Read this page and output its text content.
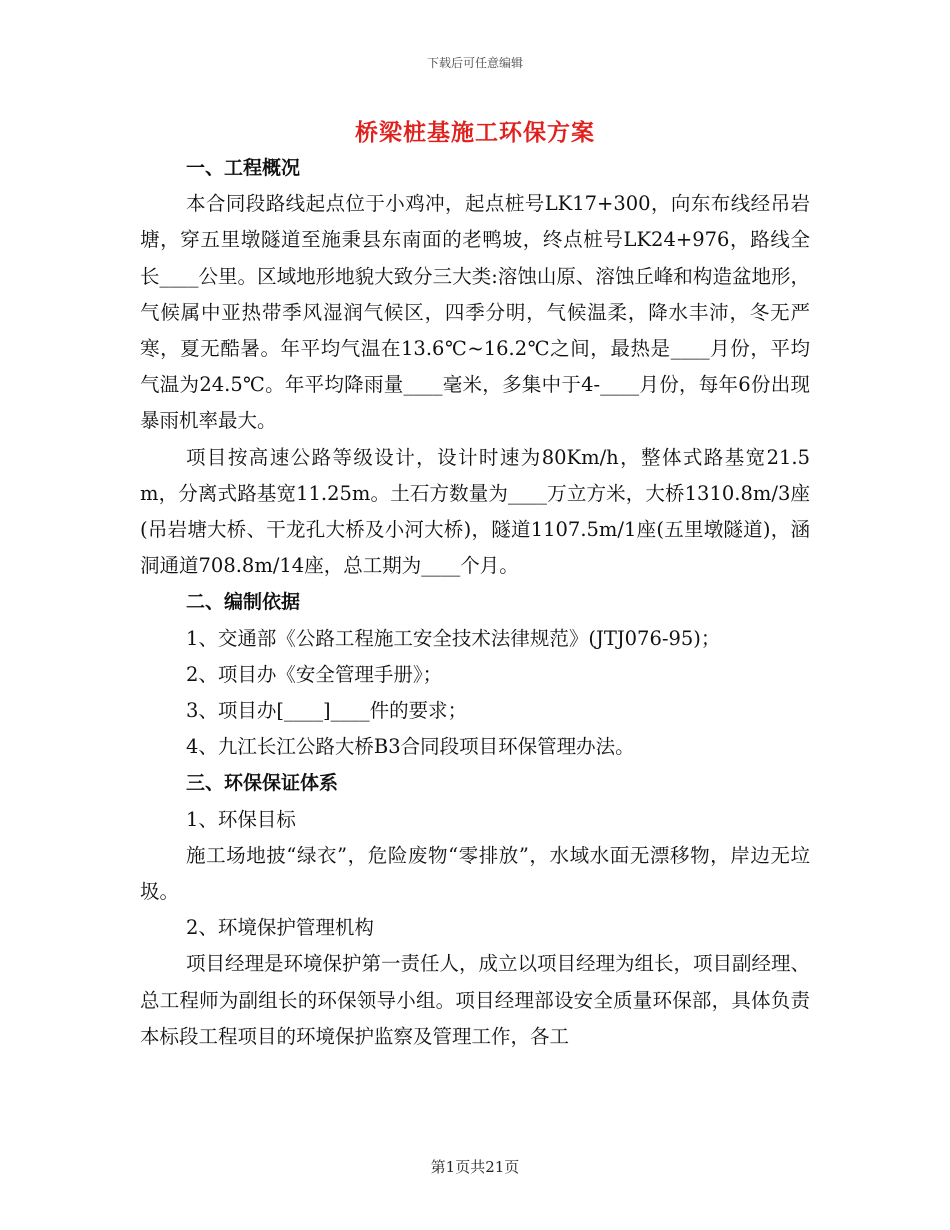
下载后可任意编辑
桥梁桩基施工环保方案

一、工程概况

本合同段路线起点位于小鸡冲，起点桩号LK17+300，向东布线经吊岩塘，穿五里墩隧道至施秉县东南面的老鸭坡，终点桩号LK24+976，路线全长____公里。区域地形地貌大致分三大类:溶蚀山原、溶蚀丘峰和构造盆地形，气候属中亚热带季风湿润气候区，四季分明，气候温柔，降水丰沛，冬无严寒，夏无酷暑。年平均气温在13.6℃~16.2℃之间，最热是____月份，平均气温为24.5℃。年平均降雨量____毫米，多集中于4-____月份，每年6份出现暴雨机率最大。

项目按高速公路等级设计，设计时速为80Km/h，整体式路基宽21.5m，分离式路基宽11.25m。土石方数量为____万立方米，大桥1310.8m/3座(吊岩塘大桥、干龙孔大桥及小河大桥)，隧道1107.5m/1座(五里墩隧道)，涵洞通道708.8m/14座，总工期为____个月。

二、编制依据

1、交通部《公路工程施工安全技术法律规范》(JTJ076-95)；

2、项目办《安全管理手册》；

3、项目办[____]____件的要求；

4、九江长江公路大桥B3合同段项目环保管理办法。

三、环保保证体系

1、环保目标

施工场地披“绿衣”，危险废物“零排放”，水域水面无漂移物，岸边无垃圾。

2、环境保护管理机构

项目经理是环境保护第一责任人，成立以项目经理为组长，项目副经理、总工程师为副组长的环保领导小组。项目经理部设安全质量环保部，具体负责本标段工程项目的环境保护监察及管理工作，各工

第1页共21页
